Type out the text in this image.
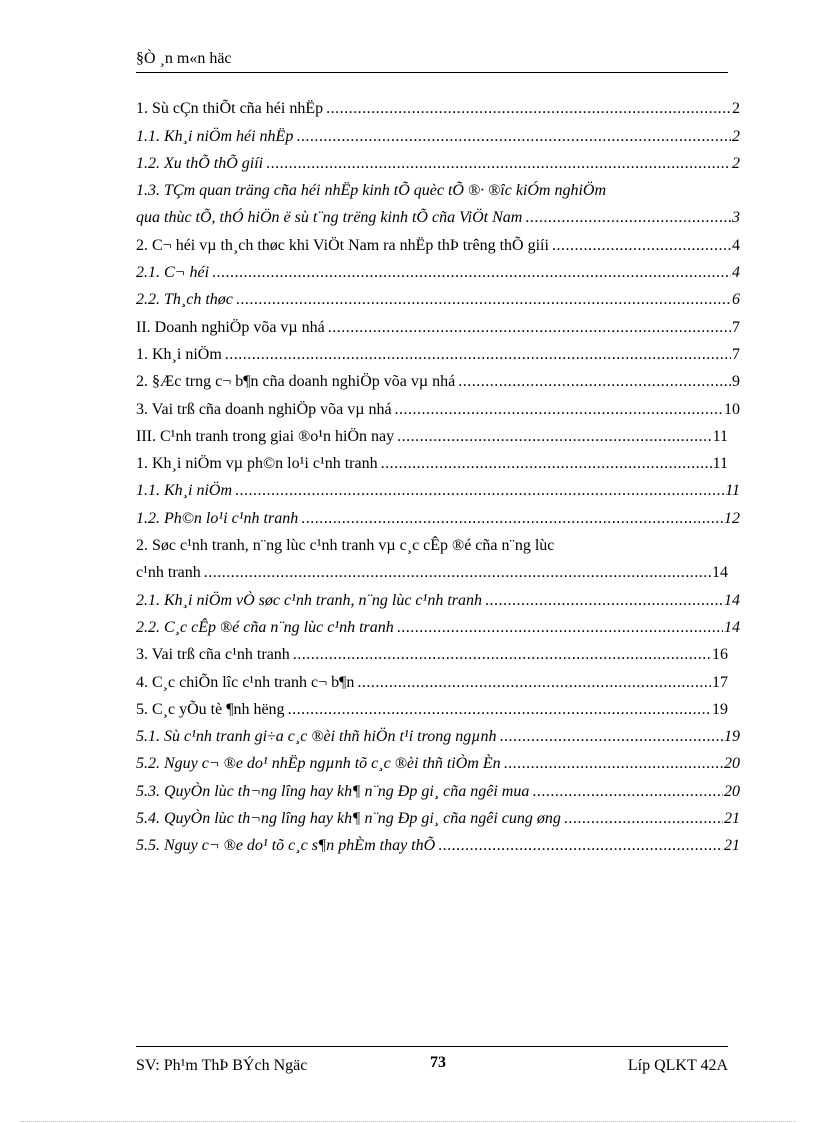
§Ò ¸n m«n häc
1. Sù cÇn thiÕt cña héi nhËp .....	2
1.1. Kh¸i niÖm héi nhËp .....	2
1.2. Xu thÕ thÕ giíi .....	2
1.3. TÇm quan träng cña héi nhËp kinh tÕ quèc tÕ ®· ®îc kiÓm nghiÖm
qua thùc tÕ, thÓ hiÖn ë sù t¨ng trëng kinh tÕ cña ViÖt Nam .....	3
2. C¬ héi vµ th¸ch thøc khi ViÖt Nam ra nhËp thÞ trêng thÕ giíi .....	4
2.1. C¬ héi .....	4
2.2. Th¸ch thøc .....	6
II. Doanh nghiÖp võa vµ nhá .....	7
1. Kh¸i niÖm .....	7
2. §Æc trng c¬ b¶n cña doanh nghiÖp võa vµ nhá .....	9
3. Vai trß cña doanh nghiÖp võa vµ nhá .....	10
III. C¹nh tranh trong giai ®o¹n hiÖn nay .....	11
1. Kh¸i niÖm vµ ph©n lo¹i c¹nh tranh .....	11
1.1. Kh¸i niÖm .....	11
1.2. Ph©n lo¹i c¹nh tranh .....	12
2. Søc c¹nh tranh, n¨ng lùc c¹nh tranh vµ c¸c cÊp ®é cña n¨ng lùc
c¹nh tranh .....	14
2.1. Kh¸i niÖm vÒ søc c¹nh tranh, n¨ng lùc c¹nh tranh .....	14
2.2. C¸c cÊp ®é cña n¨ng lùc c¹nh tranh .....	14
3. Vai trß cña c¹nh tranh .....	16
4. C¸c chiÕn lîc c¹nh tranh c¬ b¶n .....	17
5. C¸c yÕu tè ¶nh hëng .....	19
5.1. Sù c¹nh tranh gi÷a c¸c ®èi thñ hiÖn t¹i trong ngµnh .....	19
5.2. Nguy c¬ ®e do¹ nhËp ngµnh tõ c¸c ®èi thñ tiÒm Èn .....	20
5.3. QuyÒn lùc th¬ng lîng hay kh¶ n¨ng Ðp gi¸ cña ngêi mua .....	20
5.4. QuyÒn lùc th¬ng lîng hay kh¶ n¨ng Ðp gi¸ cña ngêi cung øng .....	21
5.5. Nguy c¬ ®e do¹ tõ c¸c s¶n phÈm thay thÕ .....	21
SV: Ph¹m ThÞ BÝch Ngäc	73	Líp QLKT 42A
